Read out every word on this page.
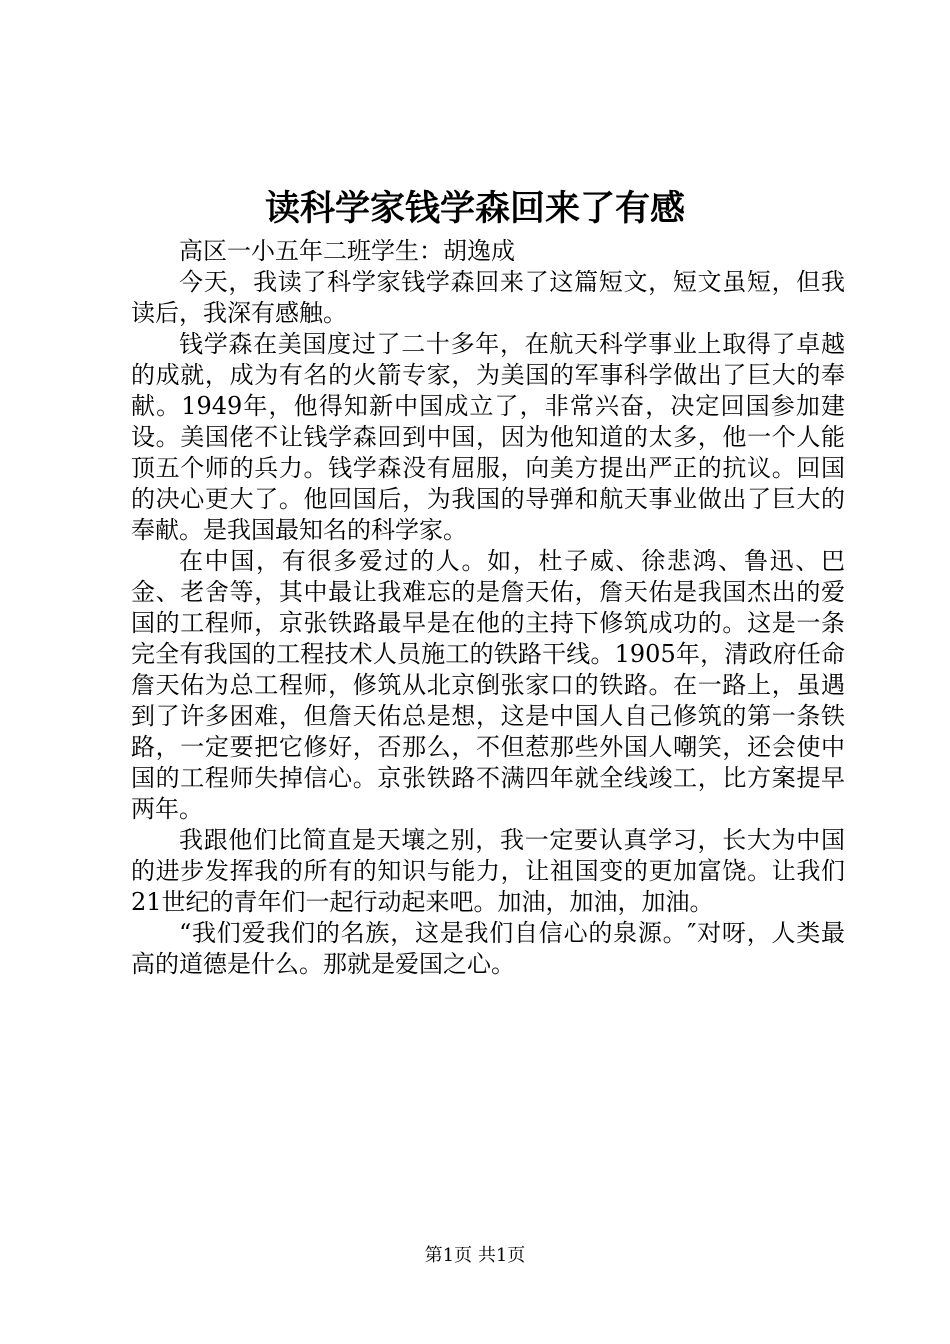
读科学家钱学森回来了有感

高区一小五年二班学生：胡逸成

今天，我读了科学家钱学森回来了这篇短文，短文虽短，但我读后，我深有感触。

钱学森在美国度过了二十多年，在航天科学事业上取得了卓越的成就，成为有名的火箭专家，为美国的军事科学做出了巨大的奉献。1949年，他得知新中国成立了，非常兴奋，决定回国参加建设。美国佬不让钱学森回到中国，因为他知道的太多，他一个人能顶五个师的兵力。钱学森没有屈服，向美方提出严正的抗议。回国的决心更大了。他回国后，为我国的导弹和航天事业做出了巨大的奉献。是我国最知名的科学家。

在中国，有很多爱过的人。如，杜子威、徐悲鸿、鲁迅、巴金、老舍等，其中最让我难忘的是詹天佑，詹天佑是我国杰出的爱国的工程师，京张铁路最早是在他的主持下修筑成功的。这是一条完全有我国的工程技术人员施工的铁路干线。1905年，清政府任命詹天佑为总工程师，修筑从北京倒张家口的铁路。在一路上，虽遇到了许多困难，但詹天佑总是想，这是中国人自己修筑的第一条铁路，一定要把它修好，否那么，不但惹那些外国人嘲笑，还会使中国的工程师失掉信心。京张铁路不满四年就全线竣工，比方案提早两年。

我跟他们比简直是天壤之别，我一定要认真学习，长大为中国的进步发挥我的所有的知识与能力，让祖国变的更加富饶。让我们21世纪的青年们一起行动起来吧。加油，加油，加油。

“我们爱我们的名族，这是我们自信心的泉源。″对呀，人类最高的道德是什么。那就是爱国之心。

第1页 共1页
